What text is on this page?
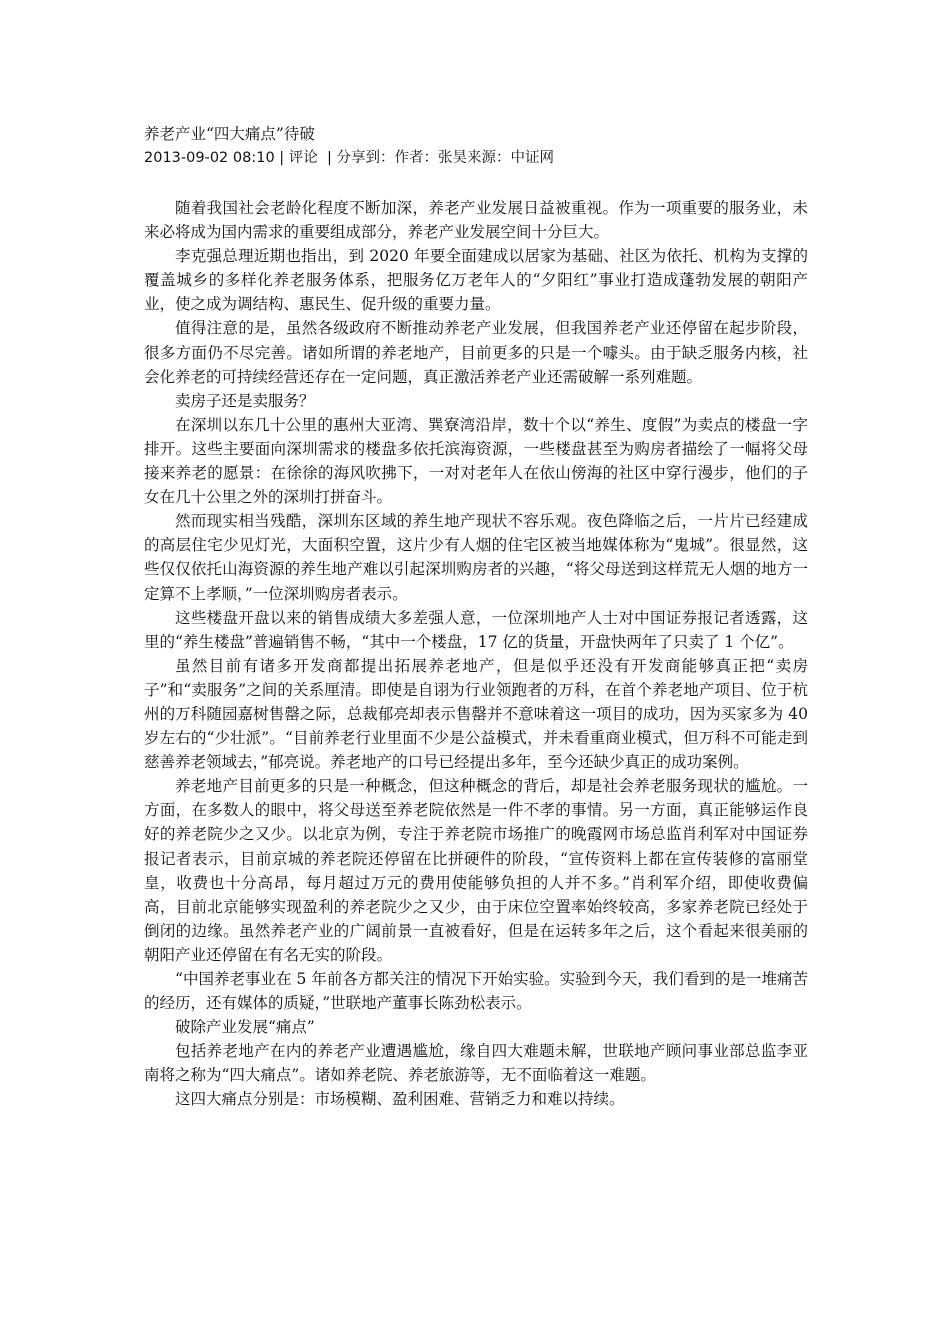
养老产业“四大痛点”待破
2013-09-02 08:10 | 评论  | 分享到：作者：张昊来源：中证网

随着我国社会老龄化程度不断加深，养老产业发展日益被重视。作为一项重要的服务业，未来必将成为国内需求的重要组成部分，养老产业发展空间十分巨大。

李克强总理近期也指出，到 2020 年要全面建成以居家为基础、社区为依托、机构为支撑的覆盖城乡的多样化养老服务体系，把服务亿万老年人的“夕阳红”事业打造成蓬勃发展的朝阳产业，使之成为调结构、惠民生、促升级的重要力量。

值得注意的是，虽然各级政府不断推动养老产业发展，但我国养老产业还停留在起步阶段，很多方面仍不尽完善。诸如所谓的养老地产，目前更多的只是一个噱头。由于缺乏服务内核，社会化养老的可持续经营还存在一定问题，真正激活养老产业还需破解一系列难题。

卖房子还是卖服务？

在深圳以东几十公里的惠州大亚湾、巽寮湾沿岸，数十个以“养生、度假”为卖点的楼盘一字排开。这些主要面向深圳需求的楼盘多依托滨海资源，一些楼盘甚至为购房者描绘了一幅将父母接来养老的愿景：在徐徐的海风吹拂下，一对对老年人在依山傍海的社区中穿行漫步，他们的子女在几十公里之外的深圳打拼奋斗。

然而现实相当残酷，深圳东区域的养生地产现状不容乐观。夜色降临之后，一片片已经建成的高层住宅少见灯光，大面积空置，这片少有人烟的住宅区被当地媒体称为“鬼城”。很显然，这些仅仅依托山海资源的养生地产难以引起深圳购房者的兴趣，“将父母送到这样荒无人烟的地方一定算不上孝顺，”一位深圳购房者表示。

这些楼盘开盘以来的销售成绩大多差强人意，一位深圳地产人士对中国证券报记者透露，这里的“养生楼盘”普遍销售不畅，“其中一个楼盘，17 亿的货量，开盘快两年了只卖了 1 个亿”。

虽然目前有诸多开发商都提出拓展养老地产，但是似乎还没有开发商能够真正把“卖房子”和“卖服务”之间的关系厘清。即使是自诩为行业领跑者的万科，在首个养老地产项目、位于杭州的万科随园嘉树售罄之际，总裁郁亮却表示售罄并不意味着这一项目的成功，因为买家多为 40 岁左右的“少壮派”。“目前养老行业里面不少是公益模式，并未看重商业模式，但万科不可能走到慈善养老领域去，”郁亮说。养老地产的口号已经提出多年，至今还缺少真正的成功案例。

养老地产目前更多的只是一种概念，但这种概念的背后，却是社会养老服务现状的尴尬。一方面，在多数人的眼中，将父母送至养老院依然是一件不孝的事情。另一方面，真正能够运作良好的养老院少之又少。以北京为例，专注于养老院市场推广的晚霞网市场总监肖利军对中国证券报记者表示，目前京城的养老院还停留在比拼硬件的阶段，“宣传资料上都在宣传装修的富丽堂皇，收费也十分高昂，每月超过万元的费用使能够负担的人并不多。”肖利军介绍，即使收费偏高，目前北京能够实现盈利的养老院少之又少，由于床位空置率始终较高，多家养老院已经处于倒闭的边缘。虽然养老产业的广阔前景一直被看好，但是在运转多年之后，这个看起来很美丽的朝阳产业还停留在有名无实的阶段。

“中国养老事业在 5 年前各方都关注的情况下开始实验。实验到今天，我们看到的是一堆痛苦的经历，还有媒体的质疑，”世联地产董事长陈劲松表示。

破除产业发展“痛点”

包括养老地产在内的养老产业遭遇尴尬，缘自四大难题未解，世联地产顾问事业部总监李亚南将之称为“四大痛点”。诸如养老院、养老旅游等，无不面临着这一难题。

这四大痛点分别是：市场模糊、盈利困难、营销乏力和难以持续。
